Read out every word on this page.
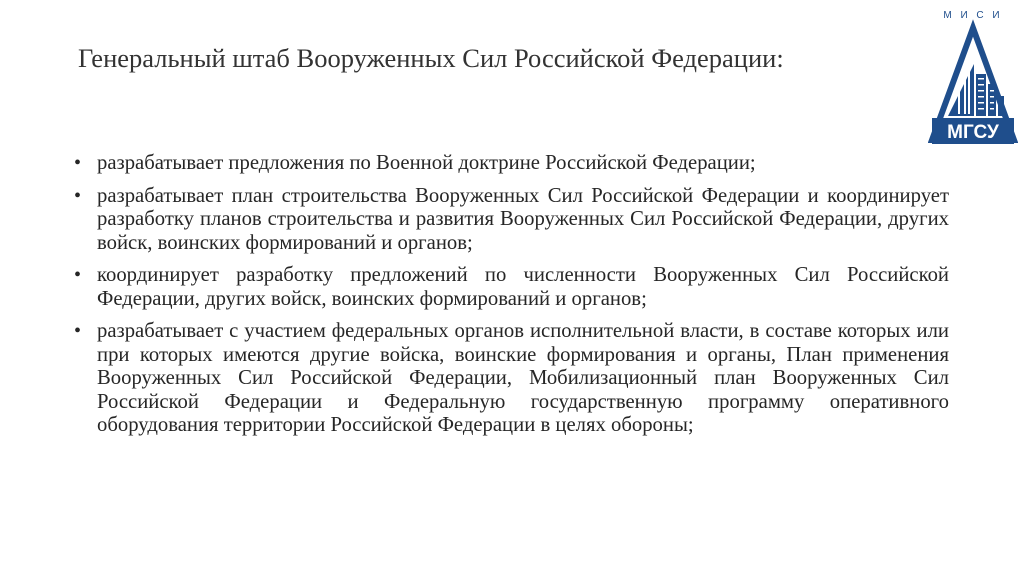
Генеральный штаб Вооруженных Сил Российской Федерации:
М И С И
МГСУ
• разрабатывает предложения по Военной доктрине Российской Федерации;
• разрабатывает план строительства Вооруженных Сил Российской Федерации и координирует разработку планов строительства и развития Вооруженных Сил Российской Федерации, других войск, воинских формирований и органов;
• координирует разработку предложений по численности Вооруженных Сил Российской Федерации, других войск, воинских формирований и органов;
• разрабатывает с участием федеральных органов исполнительной власти, в составе которых или при которых имеются другие войска, воинские формирования и органы, План применения Вооруженных Сил Российской Федерации, Мобилизационный план Вооруженных Сил Российской Федерации и Федеральную государственную программу оперативного оборудования территории Российской Федерации в целях обороны;
